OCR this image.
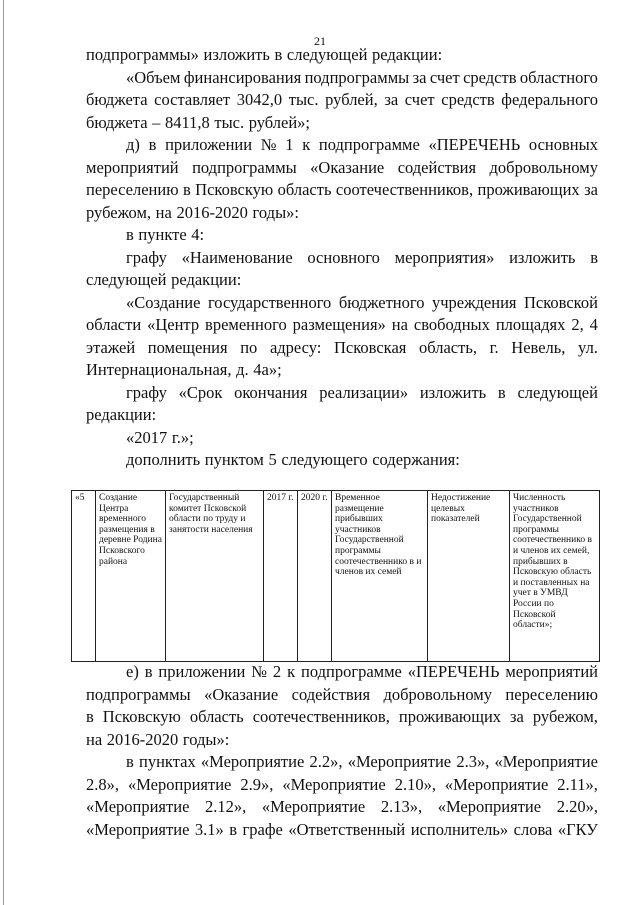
21
подпрограммы» изложить в следующей редакции:
«Объем финансирования подпрограммы за счет средств областного
бюджета составляет 3042,0 тыс. рублей, за счет средств федерального
бюджета – 8411,8 тыс. рублей»;
д) в приложении № 1 к подпрограмме «ПЕРЕЧЕНЬ основных
мероприятий подпрограммы «Оказание содействия добровольному
переселению в Псковскую область соотечественников, проживающих за
рубежом, на 2016-2020 годы»:
в пункте 4:
графу «Наименование основного мероприятия» изложить в
следующей редакции:
«Создание государственного бюджетного учреждения Псковской
области «Центр временного размещения» на свободных площадях 2, 4
этажей помещения по адресу: Псковская область, г. Невель, ул.
Интернациональная, д. 4а»;
графу «Срок окончания реализации» изложить в следующей
редакции:
«2017 г.»;
дополнить пунктом 5 следующего содержания:
«5	Создание Центра временного размещения в деревне Родина Псковского района	Государственный комитет Псковской области по труду и занятости населения	2017 г.	2020 г.	Временное размещение прибывших участников Государственной программы соотечественнико в и членов их семей	Недостижение целевых показателей	Численность участников Государственной программы соотечественнико в и членов их семей, прибывших в Псковскую область и поставленных на учет в УМВД России по Псковской области»;
е) в приложении № 2 к подпрограмме «ПЕРЕЧЕНЬ мероприятий
подпрограммы «Оказание содействия добровольному переселению
в Псковскую область соотечественников, проживающих за рубежом,
на 2016-2020 годы»:
в пунктах «Мероприятие 2.2», «Мероприятие 2.3», «Мероприятие
2.8», «Мероприятие 2.9», «Мероприятие 2.10», «Мероприятие 2.11»,
«Мероприятие 2.12», «Мероприятие 2.13», «Мероприятие 2.20»,
«Мероприятие 3.1» в графе «Ответственный исполнитель» слова «ГКУ
